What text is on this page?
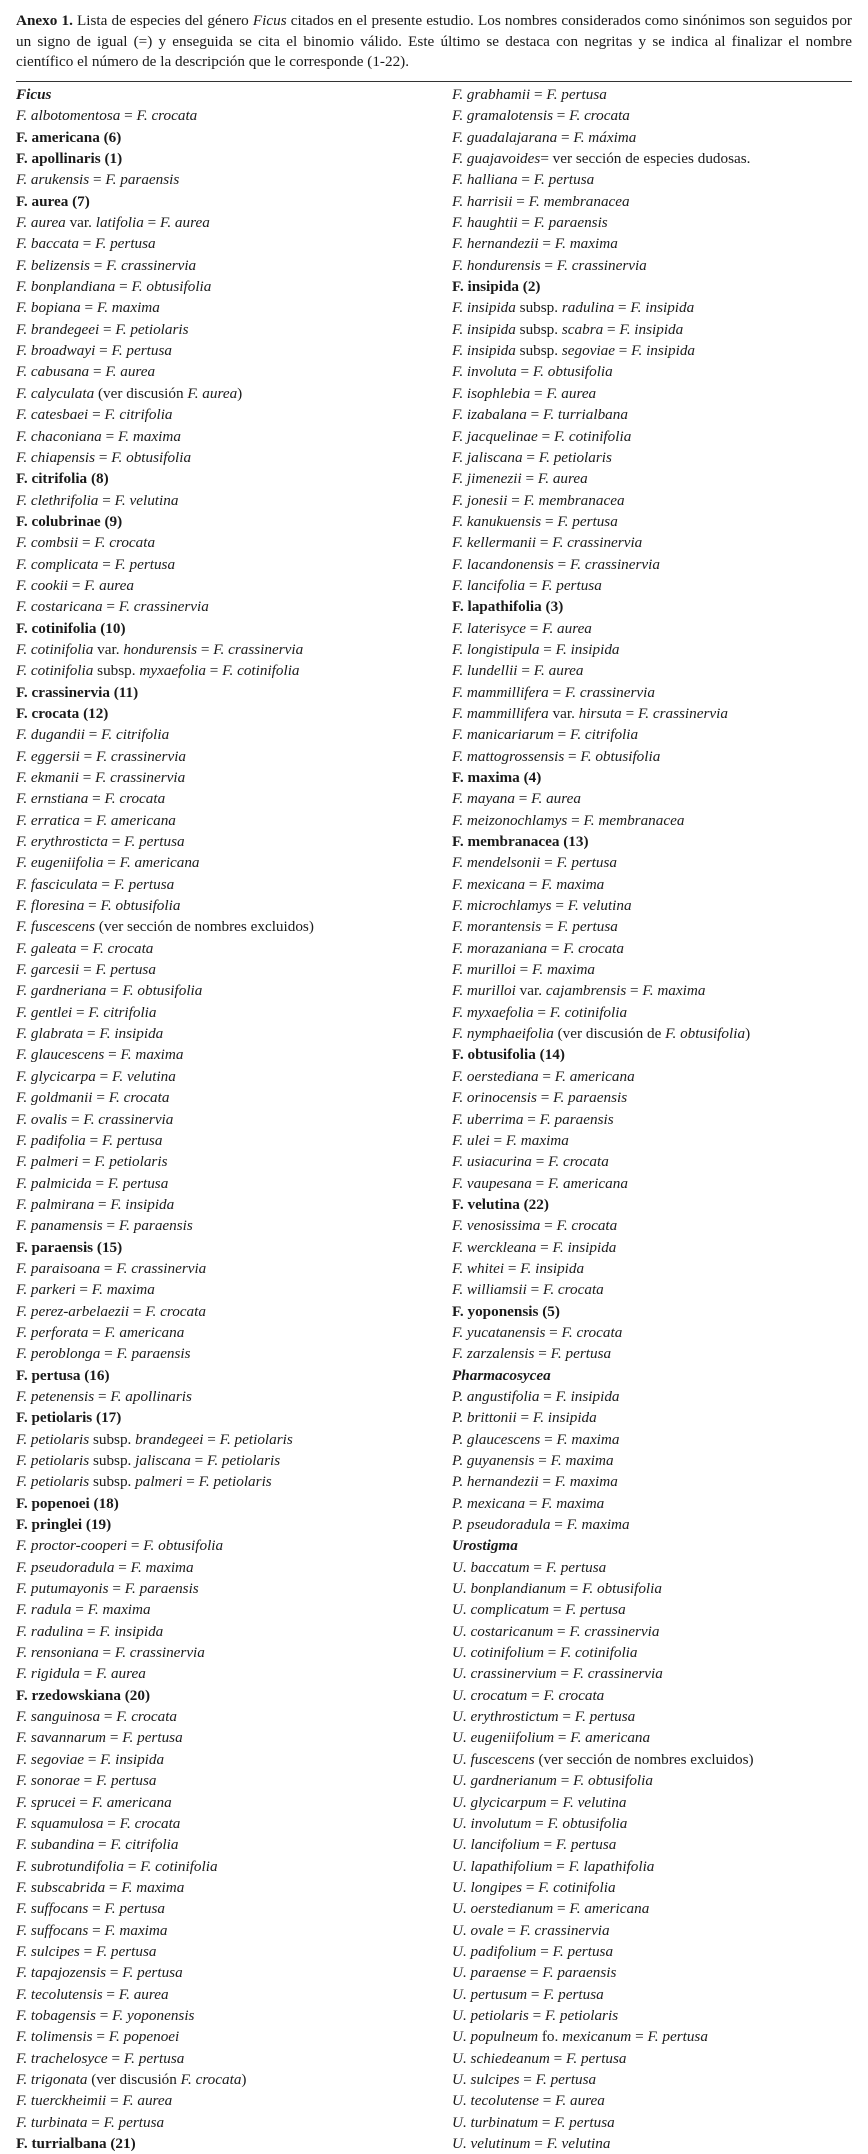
Anexo 1. Lista de especies del género Ficus citados en el presente estudio. Los nombres considerados como sinónimos son seguidos por un signo de igual (=) y enseguida se cita el binomio válido. Este último se destaca con negritas y se indica al finalizar el nombre científico el número de la descripción que le corresponde (1-22).
Ficus
F. albotomentosa = F. crocata
F. americana (6)
F. apollinaris (1)
F. arukensis = F. paraensis
F. aurea (7)
F. aurea var. latifolia = F. aurea
F. baccata = F. pertusa
F. belizensis = F. crassinervia
F. bonplandiana = F. obtusifolia
F. bopiana = F. maxima
F. brandegeei = F. petiolaris
F. broadwayi = F. pertusa
F. cabusana = F. aurea
F. calyculata (ver discusión F. aurea)
F. catesbaei = F. citrifolia
F. chaconiana = F. maxima
F. chiapensis = F. obtusifolia
F. citrifolia (8)
F. clethrifolia = F. velutina
F. colubrinae (9)
F. combsii = F. crocata
F. complicata = F. pertusa
F. cookii = F. aurea
F. costaricana = F. crassinervia
F. cotinifolia (10)
F. cotinifolia var. hondurensis = F. crassinervia
F. cotinifolia subsp. myxaefolia = F. cotinifolia
F. crassinervia (11)
F. crocata (12)
F. dugandii = F. citrifolia
F. eggersii = F. crassinervia
F. ekmanii = F. crassinervia
F. ernstiana = F. crocata
F. erratica = F. americana
F. erythrosticta = F. pertusa
F. eugeniifolia = F. americana
F. fasciculata = F. pertusa
F. floresina = F. obtusifolia
F. fuscescens (ver sección de nombres excluidos)
F. galeata = F. crocata
F. garcesii = F. pertusa
F. gardneriana = F. obtusifolia
F. gentlei = F. citrifolia
F. glabrata = F. insipida
F. glaucescens = F. maxima
F. glycicarpa = F. velutina
F. goldmanii = F. crocata
F. ovalis = F. crassinervia
F. padifolia = F. pertusa
F. palmeri = F. petiolaris
F. palmicida = F. pertusa
F. palmirana = F. insipida
F. panamensis = F. paraensis
F. paraensis (15)
F. paraisoana = F. crassinervia
F. parkeri = F. maxima
F. perez-arbelaezii = F. crocata
F. perforata = F. americana
F. peroblonga = F. paraensis
F. pertusa (16)
F. petenensis = F. apollinaris
F. petiolaris (17)
F. petiolaris subsp. brandegeei = F. petiolaris
F. petiolaris subsp. jaliscana = F. petiolaris
F. petiolaris subsp. palmeri = F. petiolaris
F. popenoei (18)
F. pringlei (19)
F. proctor-cooperi = F. obtusifolia
F. pseudoradula = F. maxima
F. putumayonis = F. paraensis
F. radula = F. maxima
F. radulina = F. insipida
F. rensoniana = F. crassinervia
F. rigidula = F. aurea
F. rzedowskiana (20)
F. sanguinosa = F. crocata
F. savannarum = F. pertusa
F. segoviae = F. insipida
F. sonorae = F. pertusa
F. sprucei = F. americana
F. squamulosa = F. crocata
F. subandina = F. citrifolia
F. subrotundifolia = F. cotinifolia
F. subscabrida = F. maxima
F. suffocans = F. pertusa
F. suffocans = F. maxima
F. sulcipes = F. pertusa
F. tapajozensis = F. pertusa
F. tecolutensis = F. aurea
F. tobagensis = F. yoponensis
F. tolimensis = F. popenoei
F. trachelosyce = F. pertusa
F. trigonata (ver discusión F. crocata)
F. tuerckheimii = F. aurea
F. turbinata = F. pertusa
F. turrialbana (21)
F. grabhamii = F. pertusa
F. gramalotensis = F. crocata
F. guadalajarana = F. máxima
F. guajavoides= ver sección de especies dudosas.
F. halliana = F. pertusa
F. harrisii = F. membranacea
F. haughtii = F. paraensis
F. hernandezii = F. maxima
F. hondurensis = F. crassinervia
F. insipida (2)
F. insipida subsp. radulina = F. insipida
F. insipida subsp. scabra = F. insipida
F. insipida subsp. segoviae = F. insipida
F. involuta = F. obtusifolia
F. isophlebia = F. aurea
F. izabalana = F. turrialbana
F. jacquelinae = F. cotinifolia
F. jaliscana = F. petiolaris
F. jimenezii = F. aurea
F. jonesii = F. membranacea
F. kanukuensis = F. pertusa
F. kellermanii = F. crassinervia
F. lacandonensis = F. crassinervia
F. lancifolia = F. pertusa
F. lapathifolia (3)
F. laterisyce = F. aurea
F. longistipula = F. insipida
F. lundellii = F. aurea
F. mammillifera = F. crassinervia
F. mammillifera var. hirsuta = F. crassinervia
F. manicariarum = F. citrifolia
F. mattogrossensis = F. obtusifolia
F. maxima (4)
F. mayana = F. aurea
F. meizonochlamys = F. membranacea
F. membranacea (13)
F. mendelsonii = F. pertusa
F. mexicana = F. maxima
F. microchlamys = F. velutina
F. morantensis = F. pertusa
F. morazaniana = F. crocata
F. murilloi = F. maxima
F. murilloi var. cajambrensis = F. maxima
F. myxaefolia = F. cotinifolia
F. nymphaeifolia (ver discusión de F. obtusifolia)
F. obtusifolia (14)
F. oerstediana = F. americana
F. orinocensis = F. paraensis
F. uberrima = F. paraensis
F. ulei = F. maxima
F. usiacurina = F. crocata
F. vaupesana = F. americana
F. velutina (22)
F. venosissima = F. crocata
F. werckleana = F. insipida
F. whitei = F. insipida
F. williamsii = F. crocata
F. yoponensis (5)
F. yucatanensis = F. crocata
F. zarzalensis = F. pertusa
Pharmacosycea
P. angustifolia = F. insipida
P. brittonii = F. insipida
P. glaucescens = F. maxima
P. guyanensis = F. maxima
P. hernandezii = F. maxima
P. mexicana = F. maxima
P. pseudoradula = F. maxima
Urostigma
U. baccatum = F. pertusa
U. bonplandianum = F. obtusifolia
U. complicatum = F. pertusa
U. costaricanum = F. crassinervia
U. cotinifolium = F. cotinifolia
U. crassinervium = F. crassinervia
U. crocatum = F. crocata
U. erythrostictum = F. pertusa
U. eugeniifolium = F. americana
U. fuscescens (ver sección de nombres excluidos)
U. gardnerianum = F. obtusifolia
U. glycicarpum = F. velutina
U. involutum = F. obtusifolia
U. lancifolium = F. pertusa
U. lapathifolium = F. lapathifolia
U. longipes = F. cotinifolia
U. oerstedianum = F. americana
U. ovale = F. crassinervia
U. padifolium = F. pertusa
U. paraense = F. paraensis
U. pertusum = F. pertusa
U. petiolaris = F. petiolaris
U. populneum fo. mexicanum = F. pertusa
U. schiedeanum = F. pertusa
U. sulcipes = F. pertusa
U. tecolutense = F. aurea
U. turbinatum = F. pertusa
U. velutinum = F. velutina
